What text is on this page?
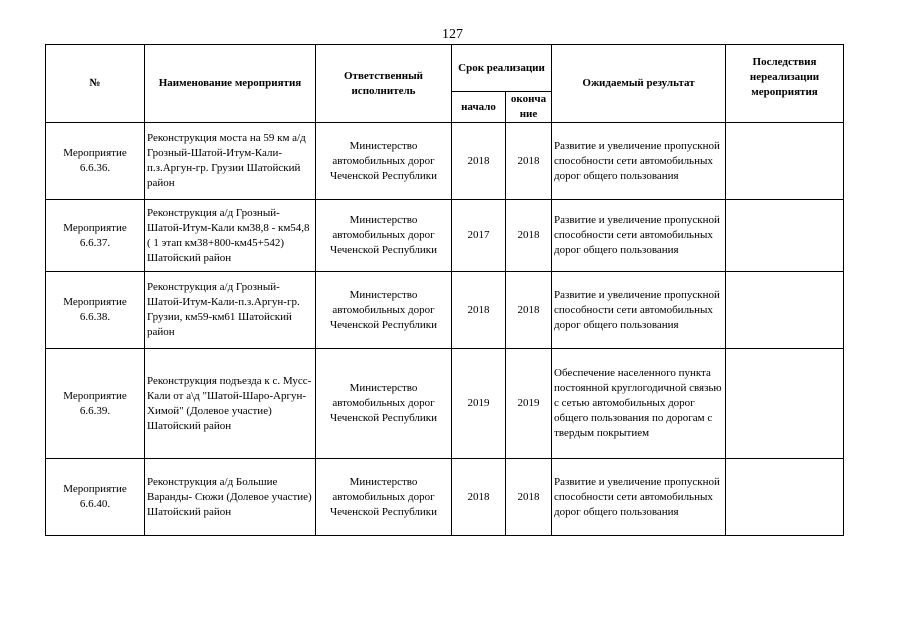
127
№	Наименование мероприятия	Ответственный исполнитель	Срок реализации		Ожидаемый результат	Последствия нереализации мероприятия
			начало	оконча ние		
Мероприятие 6.6.36.	Реконструкция моста на 59 км а/д Грозный-Шатой-Итум-Кали-п.з.Аргун-гр. Грузии Шатойский район	Министерство автомобильных дорог Чеченской Республики	2018	2018	Развитие и увеличение пропускной способности сети автомобильных дорог общего пользования	
Мероприятие 6.6.37.	Реконструкция а/д Грозный-Шатой-Итум-Кали км38,8 - км54,8 ( 1 этап км38+800-км45+542) Шатойский район	Министерство автомобильных дорог Чеченской Республики	2017	2018	Развитие и увеличение пропускной способности сети автомобильных дорог общего пользования	
Мероприятие 6.6.38.	Реконструкция а/д Грозный-Шатой-Итум-Кали-п.з.Аргун-гр. Грузии, км59-км61 Шатойский район	Министерство автомобильных дорог Чеченской Республики	2018	2018	Развитие и увеличение пропускной способности сети автомобильных дорог общего пользования	
Мероприятие 6.6.39.	Реконструкция подъезда к с. Мусс-Кали от а\д "Шатой-Шаро-Аргун-Химой" (Долевое участие) Шатойский район	Министерство автомобильных дорог Чеченской Республики	2019	2019	Обеспечение населенного пункта постоянной круглогодичной связью с сетью автомобильных дорог общего пользования по дорогам с твердым покрытием	
Мероприятие 6.6.40.	Реконструкция а/д Большие Варанды- Сюжи (Долевое участие) Шатойский район	Министерство автомобильных дорог Чеченской Республики	2018	2018	Развитие и увеличение пропускной способности сети автомобильных дорог общего пользования	
